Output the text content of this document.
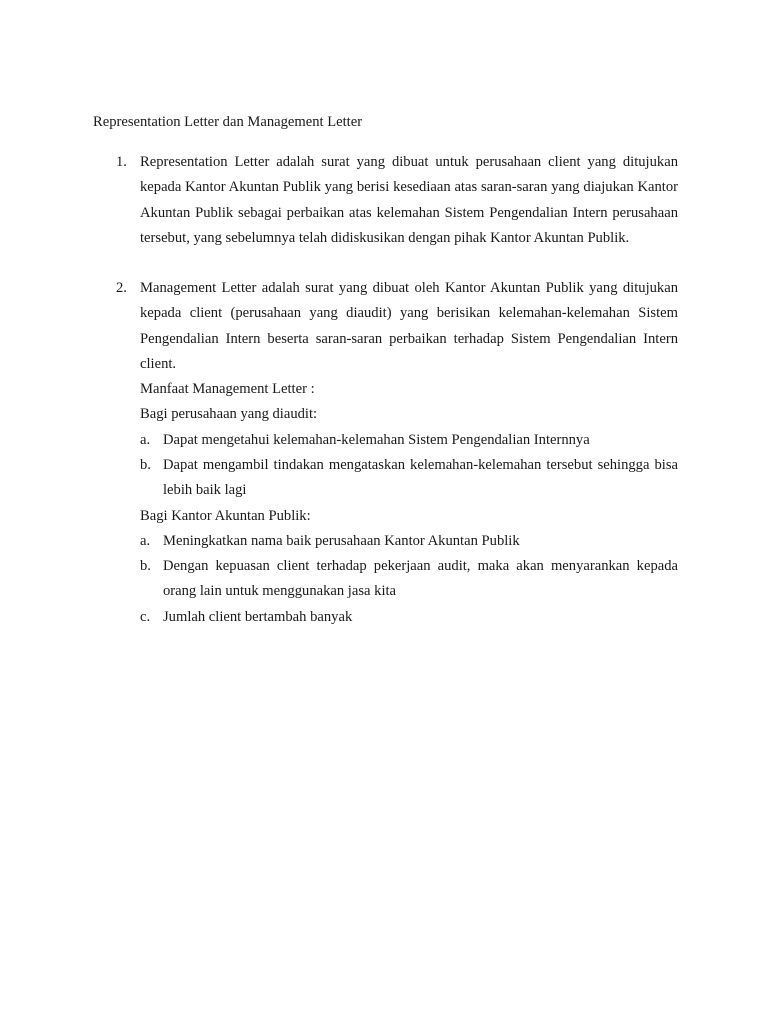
Representation Letter dan Management Letter
1. Representation Letter adalah surat yang dibuat untuk perusahaan client yang ditujukan kepada Kantor Akuntan Publik yang berisi kesediaan atas saran-saran yang diajukan Kantor Akuntan Publik sebagai perbaikan atas kelemahan Sistem Pengendalian Intern perusahaan tersebut, yang sebelumnya telah didiskusikan dengan pihak Kantor Akuntan Publik.
2. Management Letter adalah surat yang dibuat oleh Kantor Akuntan Publik yang ditujukan kepada client (perusahaan yang diaudit) yang berisikan kelemahan-kelemahan Sistem Pengendalian Intern beserta saran-saran perbaikan terhadap Sistem Pengendalian Intern client.
Manfaat Management Letter :
Bagi perusahaan yang diaudit:
a. Dapat mengetahui kelemahan-kelemahan Sistem Pengendalian Internnya
b. Dapat mengambil tindakan mengataskan kelemahan-kelemahan tersebut sehingga bisa lebih baik lagi
Bagi Kantor Akuntan Publik:
a. Meningkatkan nama baik perusahaan Kantor Akuntan Publik
b. Dengan kepuasan client terhadap pekerjaan audit, maka akan menyarankan kepada orang lain untuk menggunakan jasa kita
c. Jumlah client bertambah banyak
